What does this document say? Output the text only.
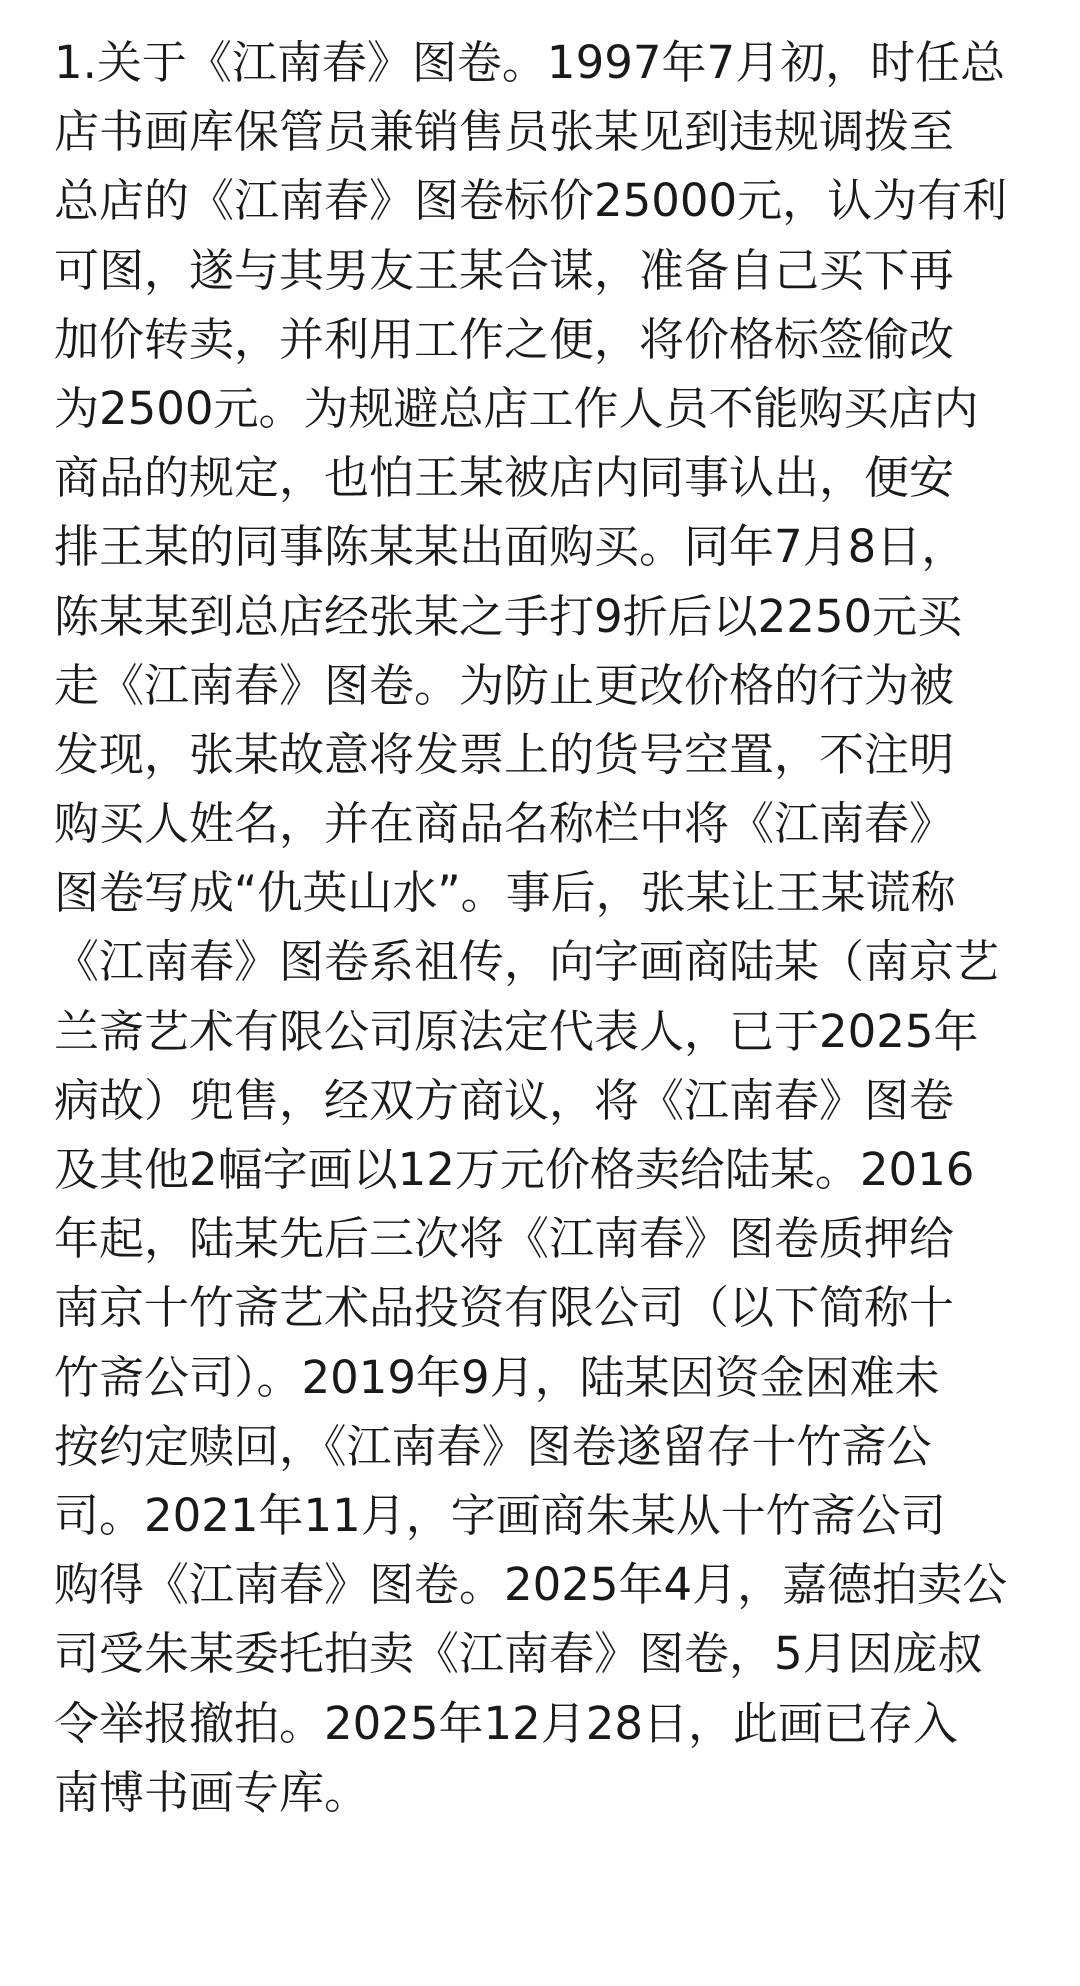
1.关于《江南春》图卷。1997年7月初，时任总
店书画库保管员兼销售员张某见到违规调拨至
总店的《江南春》图卷标价25000元，认为有利
可图，遂与其男友王某合谋，准备自己买下再
加价转卖，并利用工作之便，将价格标签偷改
为2500元。为规避总店工作人员不能购买店内
商品的规定，也怕王某被店内同事认出，便安
排王某的同事陈某某出面购买。同年7月8日，
陈某某到总店经张某之手打9折后以2250元买
走《江南春》图卷。为防止更改价格的行为被
发现，张某故意将发票上的货号空置，不注明
购买人姓名，并在商品名称栏中将《江南春》
图卷写成“仇英山水”。事后，张某让王某谎称
《江南春》图卷系祖传，向字画商陆某（南京艺
兰斋艺术有限公司原法定代表人，已于2025年
病故）兜售，经双方商议，将《江南春》图卷
及其他2幅字画以12万元价格卖给陆某。2016
年起，陆某先后三次将《江南春》图卷质押给
南京十竹斋艺术品投资有限公司（以下简称十
竹斋公司）。2019年9月，陆某因资金困难未
按约定赎回，《江南春》图卷遂留存十竹斋公
司。2021年11月，字画商朱某从十竹斋公司
购得《江南春》图卷。2025年4月，嘉德拍卖公
司受朱某委托拍卖《江南春》图卷，5月因庞叔
令举报撤拍。2025年12月28日，此画已存入
南博书画专库。
